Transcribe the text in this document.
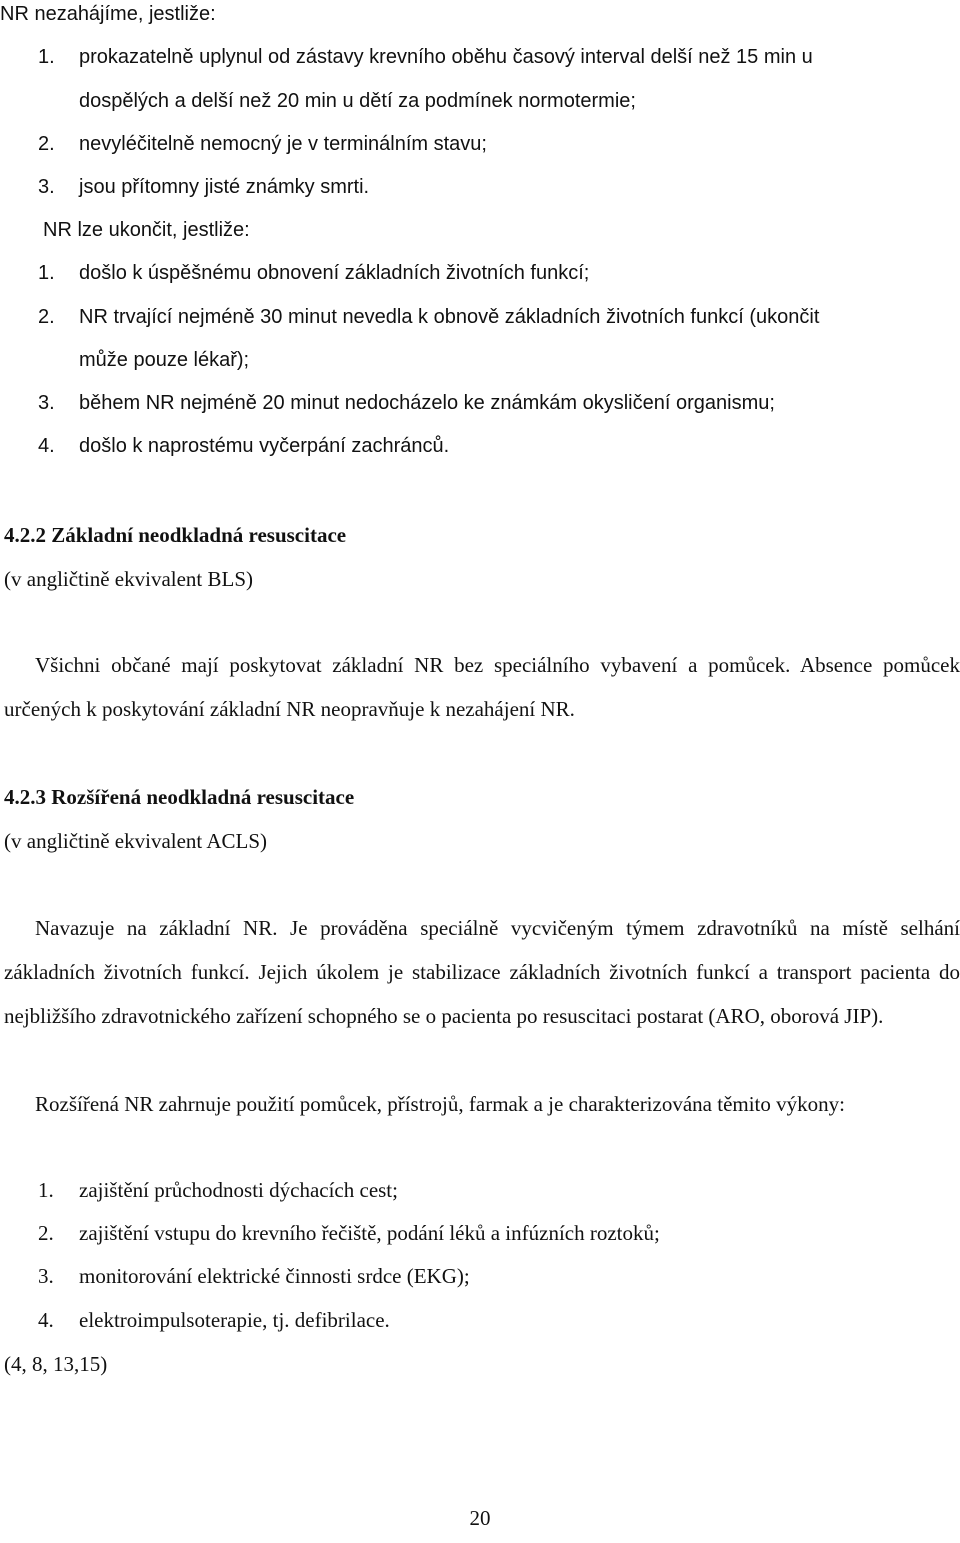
NR nezahájíme, jestliže:
1. prokazatelně uplynul od zástavy krevního oběhu časový interval delší než 15 min u
dospělých a delší než 20 min u dětí za podmínek normotermie;
2. nevyléčitelně nemocný je v terminálním stavu;
3. jsou přítomny jisté známky smrti.
NR lze ukončit, jestliže:
1. došlo k úspěšnému obnovení základních životních funkcí;
2. NR trvající nejméně 30 minut nevedla k obnově základních životních funkcí (ukončit
může pouze lékař);
3. během NR nejméně 20 minut nedocházelo ke známkám okysličení organismu;
4. došlo k naprostému vyčerpání zachránců.
4.2.2 Základní neodkladná resuscitace
(v angličtině ekvivalent BLS)
Všichni občané mají poskytovat základní NR bez speciálního vybavení a pomůcek. Absence pomůcek určených k poskytování základní NR neopravňuje k nezahájení NR.
4.2.3 Rozšířená neodkladná resuscitace
(v angličtině ekvivalent ACLS)
Navazuje na základní NR. Je prováděna speciálně vycvičeným týmem zdravotníků na místě selhání základních životních funkcí. Jejich úkolem je stabilizace základních životních funkcí a transport pacienta do nejbližšího zdravotnického zařízení schopného se o pacienta po resuscitaci postarat (ARO, oborová JIP).
Rozšířená NR zahrnuje použití pomůcek, přístrojů, farmak a je charakterizována těmito výkony:
1. zajištění průchodnosti dýchacích cest;
2. zajištění vstupu do krevního řečiště, podání léků a infúzních roztoků;
3. monitorování elektrické činnosti srdce (EKG);
4. elektroimpulsoterapie, tj. defibrilace.
(4, 8, 13,15)
20
